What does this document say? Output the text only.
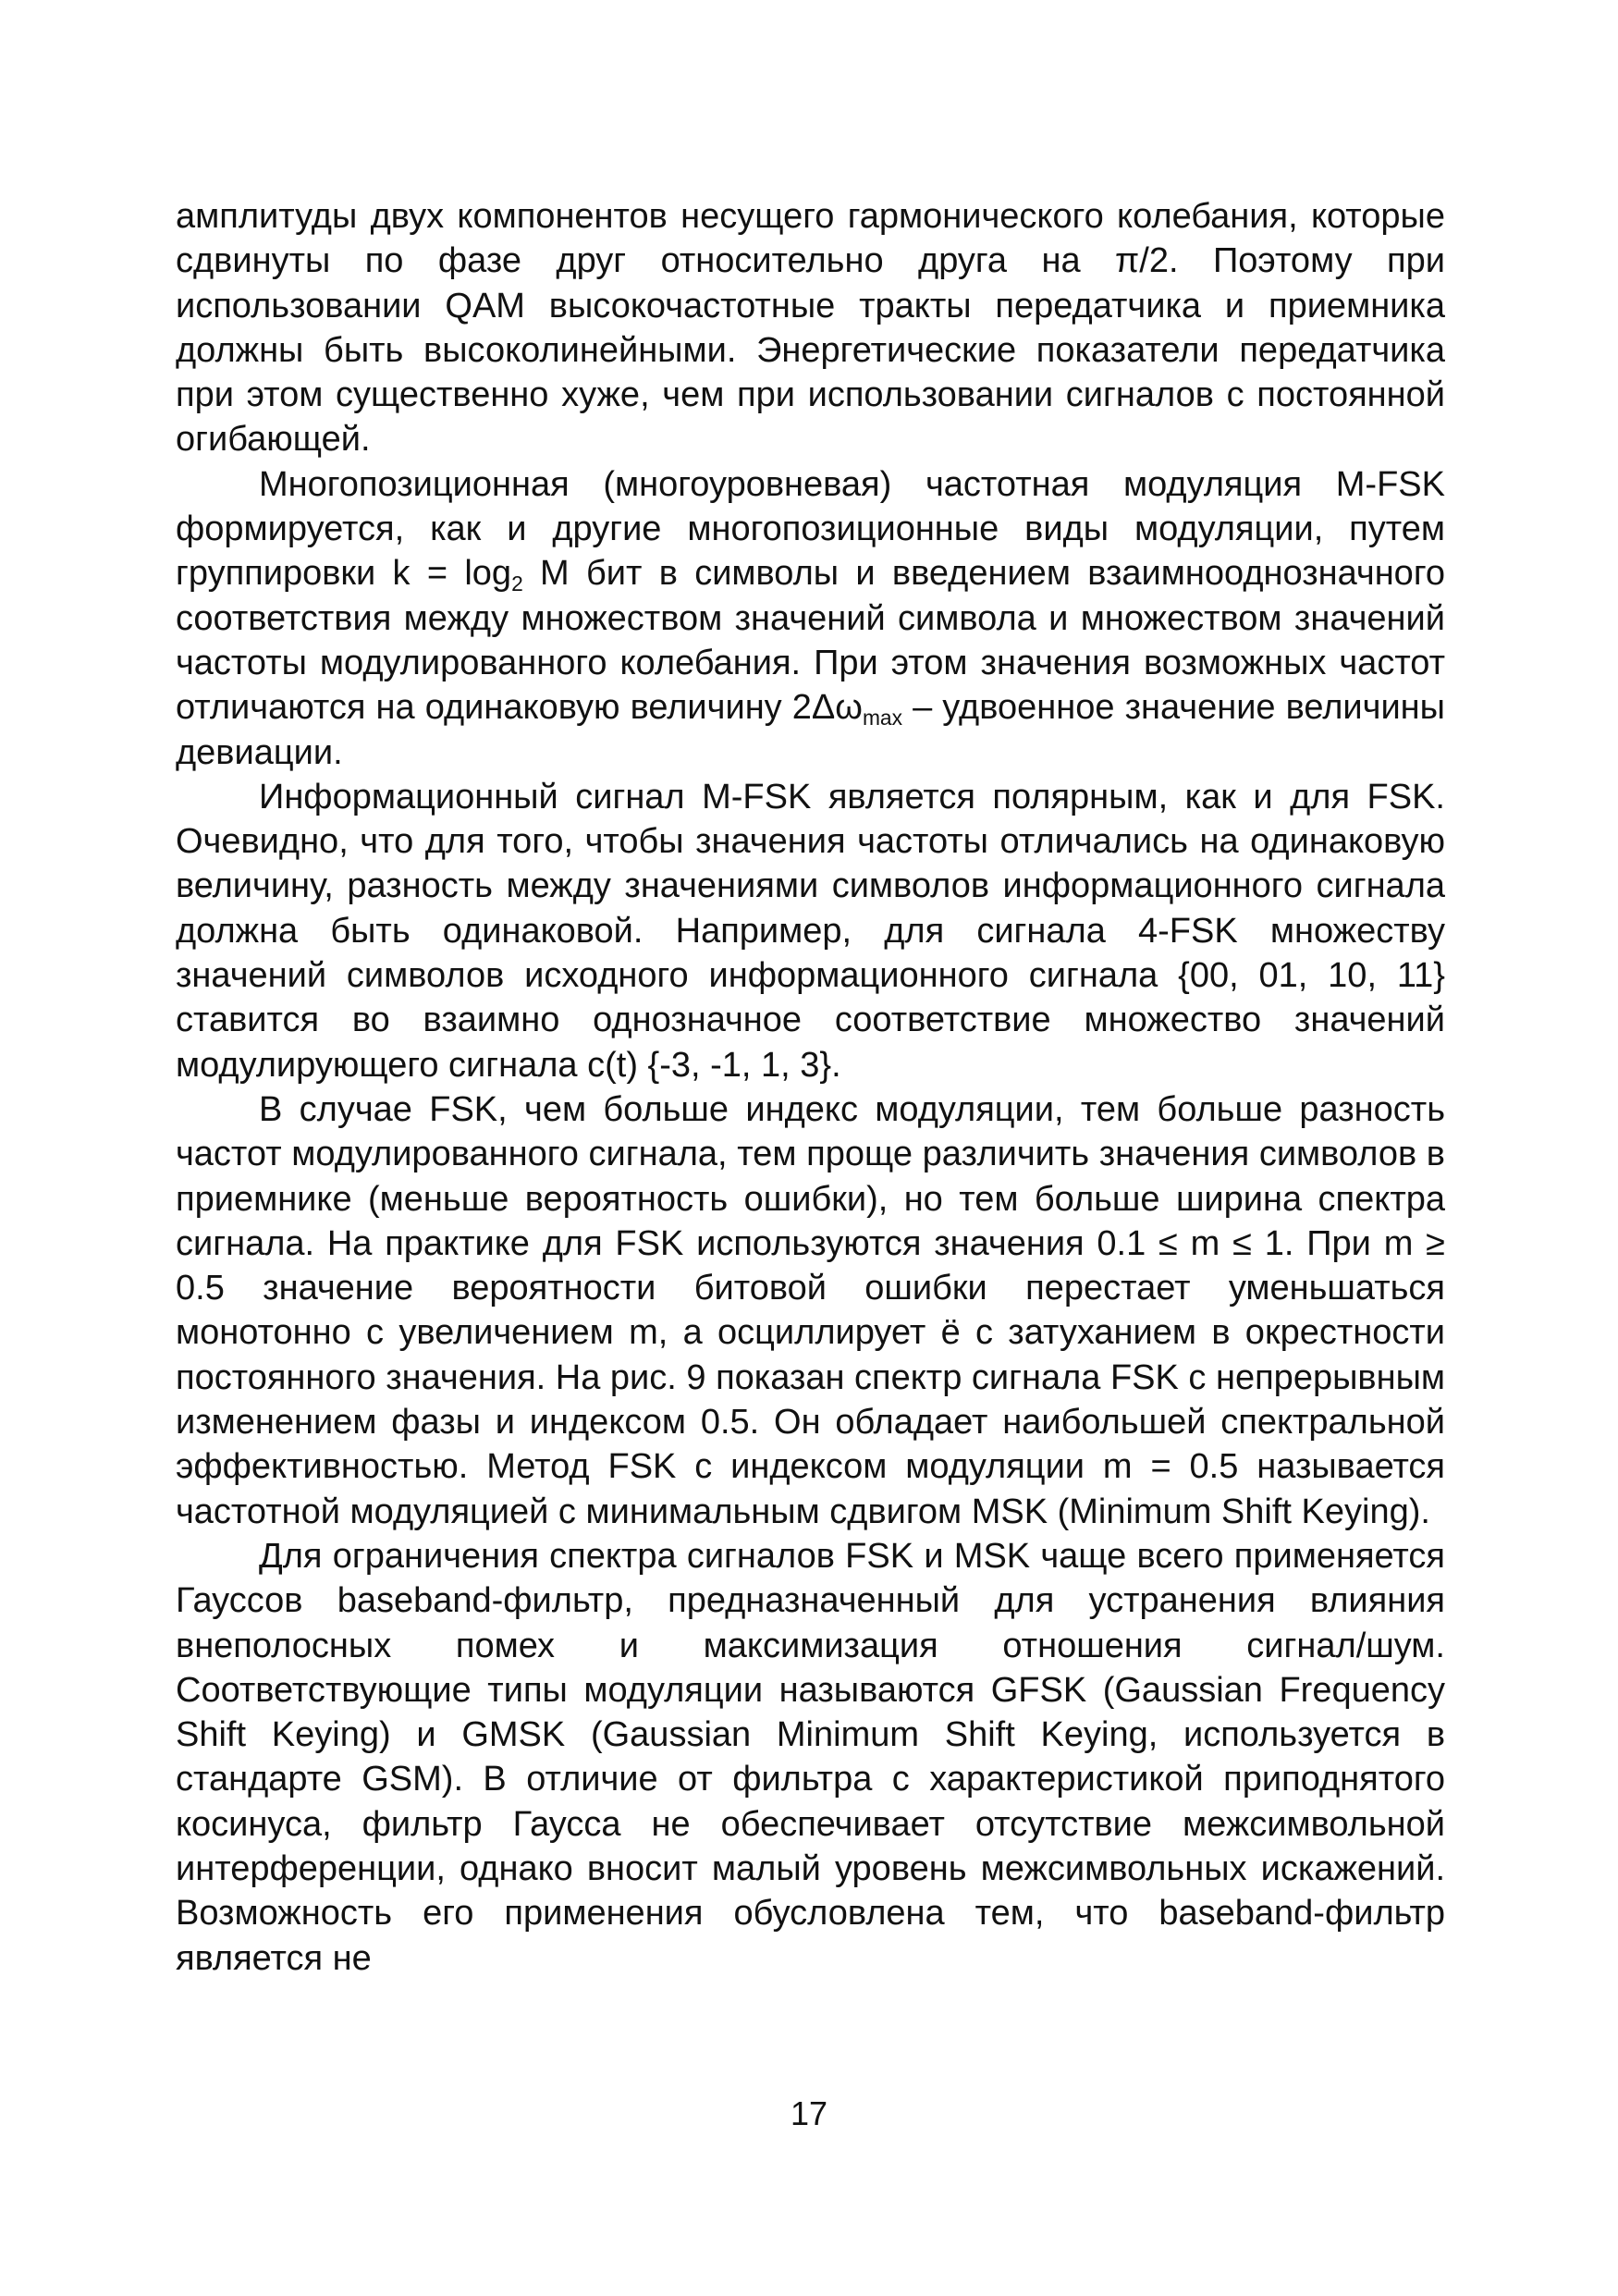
амплитуды двух компонентов несущего гармонического колебания, которые сдвинуты по фазе друг относительно друга на π/2. Поэтому при использовании QAM высокочастотные тракты передатчика и приемника должны быть высоколинейными. Энергетические показатели передатчика при этом существенно хуже, чем при использовании сигналов с постоянной огибающей.

Многопозиционная (многоуровневая) частотная модуляция M-FSK формируется, как и другие многопозиционные виды модуляции, путем группировки $k = \log_2 M$ бит в символы и введением взаимнооднозначного соответствия между множеством значений символа и множеством значений частоты модулированного колебания. При этом значения возможных частот отличаются на одинаковую величину $2\Delta\omega_{max}$ – удвоенное значение величины девиации.

Информационный сигнал M-FSK является полярным, как и для FSK. Очевидно, что для того, чтобы значения частоты отличались на одинаковую величину, разность между значениями символов информационного сигнала должна быть одинаковой. Например, для сигнала 4-FSK множеству значений символов исходного информационного сигнала {00, 01, 10, 11} ставится во взаимно однозначное соответствие множество значений модулирующего сигнала c(t) {-3, -1, 1, 3}.

В случае FSK, чем больше индекс модуляции, тем больше разность частот модулированного сигнала, тем проще различить значения символов в приемнике (меньше вероятность ошибки), но тем больше ширина спектра сигнала. На практике для FSK используются значения 0.1 ≤ m ≤ 1. При m ≥ 0.5 значение вероятности битовой ошибки перестает уменьшаться монотонно с увеличением m, а осциллирует ё с затуханием в окрестности постоянного значения. На рис. 9 показан спектр сигнала FSK с непрерывным изменением фазы и индексом 0.5. Он обладает наибольшей спектральной эффективностью. Метод FSK с индексом модуляции m = 0.5 называется частотной модуляцией с минимальным сдвигом MSK (Minimum Shift Keying).

Для ограничения спектра сигналов FSK и MSK чаще всего применяется Гауссов baseband-фильтр, предназначенный для устранения влияния внеполосных помех и максимизация отношения сигнал/шум. Соответствующие типы модуляции называются GFSK (Gaussian Frequency Shift Keying) и GMSK (Gaussian Minimum Shift Keying, используется в стандарте GSM). В отличие от фильтра с характеристикой приподнятого косинуса, фильтр Гаусса не обеспечивает отсутствие межсимвольной интерференции, однако вносит малый уровень межсимвольных искажений. Возможность его применения обусловлена тем, что baseband-фильтр является не

17
